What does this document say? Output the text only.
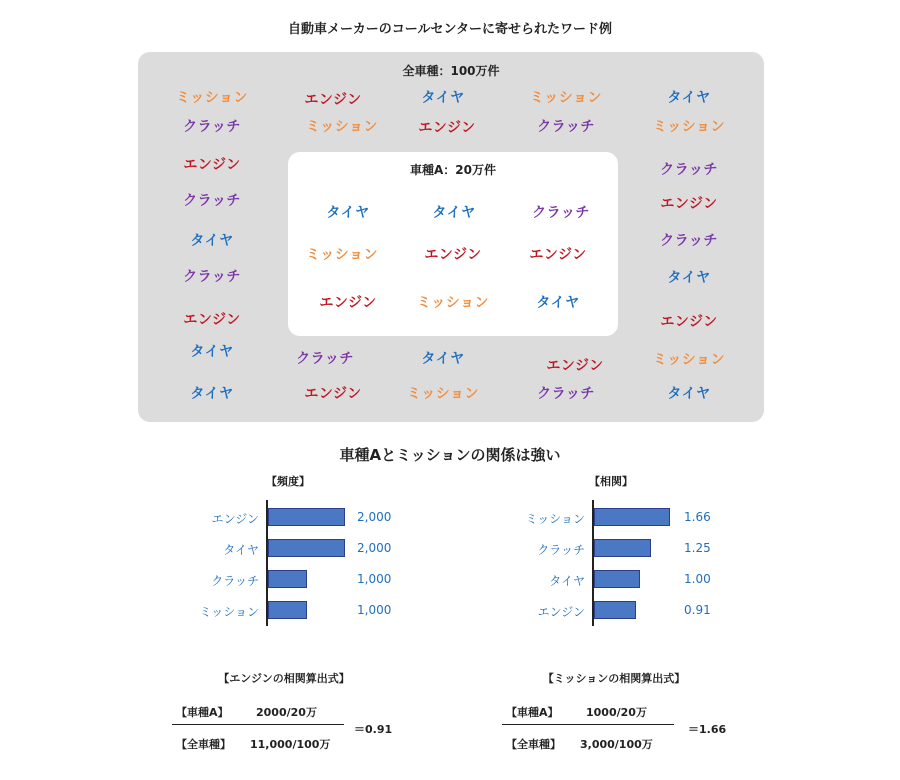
自動車メーカーのコールセンターに寄せられたワード例
全車種：100万件
車種A：20万件
ミッション	エンジン	タイヤ	ミッション	タイヤ
クラッチ	ミッション	エンジン	クラッチ	ミッション
エンジン
クラッチ
クラッチ
エンジン
タイヤ
クラッチ
クラッチ
タイヤ
エンジン	エンジン
タイヤ	クラッチ	タイヤ	エンジン	ミッション
タイヤ	エンジン	ミッション	クラッチ	タイヤ
タイヤ	タイヤ	クラッチ
ミッション	エンジン	エンジン
エンジン	ミッション	タイヤ
車種Aとミッションの関係は強い
【頻度】
エンジン	2,000
タイヤ	2,000
クラッチ	1,000
ミッション	1,000
【相関】
ミッション	1.66
クラッチ	1.25
タイヤ	1.00
エンジン	0.91
【エンジンの相関算出式】
【車種A】 2000/20万
【全車種】 11,000/100万
＝0.91
【ミッションの相関算出式】
【車種A】 1000/20万
【全車種】 3,000/100万
＝1.66
